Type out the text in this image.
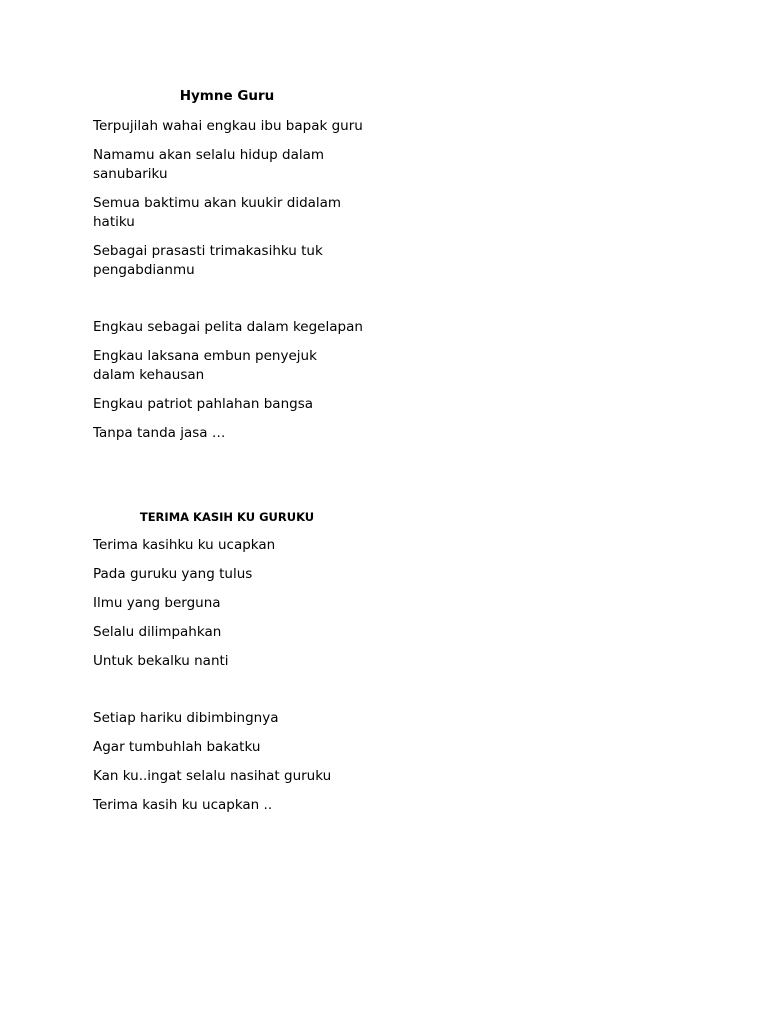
Hymne Guru

Terpujilah wahai engkau ibu bapak guru

Namamu akan selalu hidup dalam sanubariku

Semua baktimu akan kuukir didalam hatiku

Sebagai prasasti trimakasihku tuk pengabdianmu

Engkau sebagai pelita dalam kegelapan

Engkau laksana embun penyejuk dalam kehausan

Engkau patriot pahlahan bangsa

Tanpa tanda jasa …

TERIMA KASIH KU GURUKU

Terima kasihku ku ucapkan

Pada guruku yang tulus

Ilmu yang berguna

Selalu dilimpahkan

Untuk bekalku nanti

Setiap hariku dibimbingnya

Agar tumbuhlah bakatku

Kan ku..ingat selalu nasihat guruku

Terima kasih ku ucapkan ..
